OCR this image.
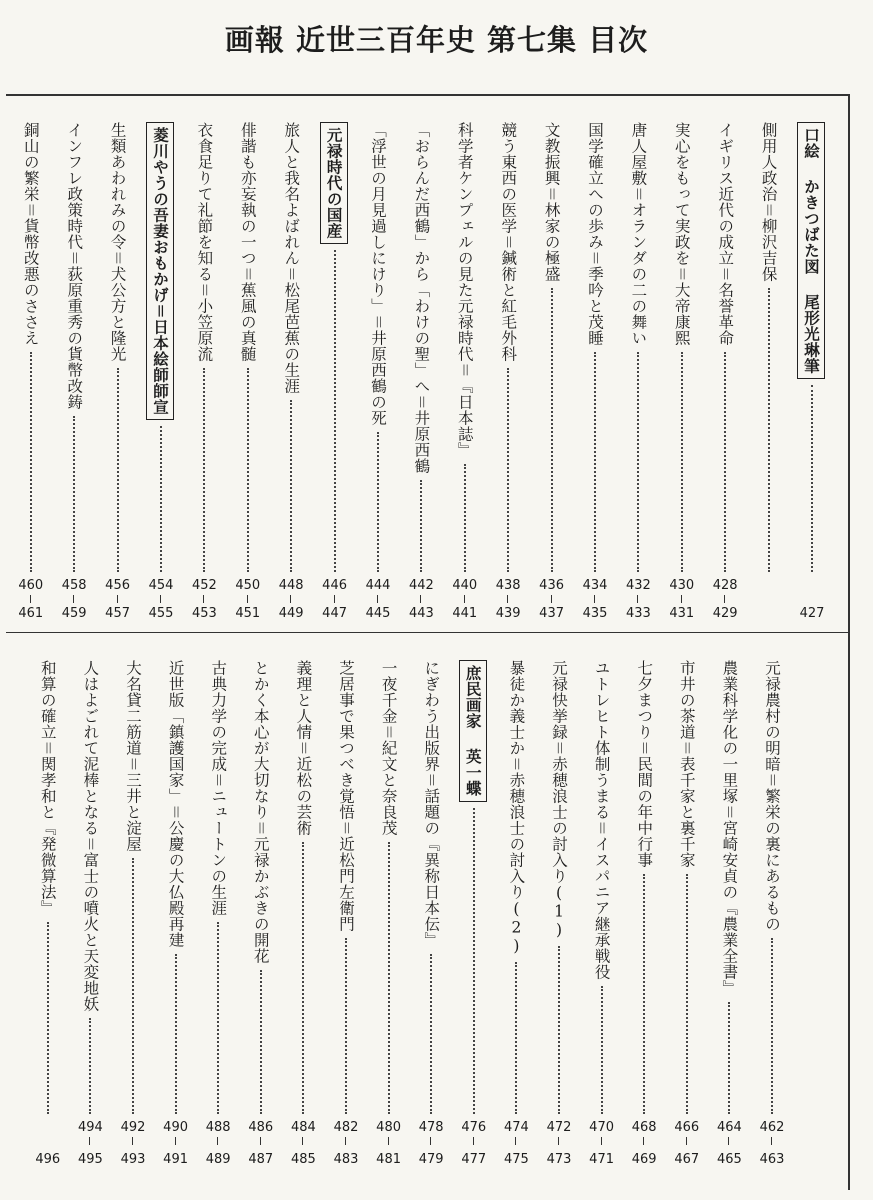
画報 近世三百年史 第七集 目次
口絵 かきつばた図 尾形光琳筆
427
側用人政治＝柳沢吉保
イギリス近代の成立＝名誉革命
428
429
実心をもって実政を＝大帝康熙
430
431
唐人屋敷＝オランダの二の舞い
432
433
国学確立への歩み＝季吟と茂睡
434
435
文教振興＝林家の極盛
436
437
競う東西の医学＝鍼術と紅毛外科
438
439
科学者ケンプェルの見た元禄時代＝『日本誌』
440
441
「おらんだ西鶴」から「わけの聖」へ＝井原西鶴
442
443
「浮世の月見過しにけり」＝井原西鶴の死
444
445
元禄時代の国産
446
447
旅人と我名よばれん＝松尾芭蕉の生涯
448
449
俳諧も亦妄執の一つ＝蕉風の真髄
450
451
衣食足りて礼節を知る＝小笠原流
452
453
菱川やうの吾妻おもかげ＝日本絵師師宣
454
455
生類あわれみの令＝犬公方と隆光
456
457
インフレ政策時代＝荻原重秀の貨幣改鋳
458
459
銅山の繁栄＝貨幣改悪のささえ
460
461
元禄農村の明暗＝繁栄の裏にあるもの
462
463
農業科学化の一里塚＝宮崎安貞の『農業全書』
464
465
市井の茶道＝表千家と裏千家
466
467
七夕まつり＝民間の年中行事
468
469
ユトレヒト体制うまる＝イスパニア継承戦役
470
471
元禄快挙録＝赤穂浪士の討入り(1)
472
473
暴徒か義士か＝赤穂浪士の討入り(2)
474
475
庶民画家 英一蝶
476
477
にぎわう出版界＝話題の『異称日本伝』
478
479
一夜千金＝紀文と奈良茂
480
481
芝居事で果つべき覚悟＝近松門左衛門
482
483
義理と人情＝近松の芸術
484
485
とかく本心が大切なり＝元禄かぶきの開花
486
487
古典力学の完成＝ニュートンの生涯
488
489
近世版「鎮護国家」＝公慶の大仏殿再建
490
491
大名貸二筋道＝三井と淀屋
492
493
人はよごれて泥棒となる＝富士の噴火と天変地妖
494
495
和算の確立＝関孝和と『発微算法』
496
